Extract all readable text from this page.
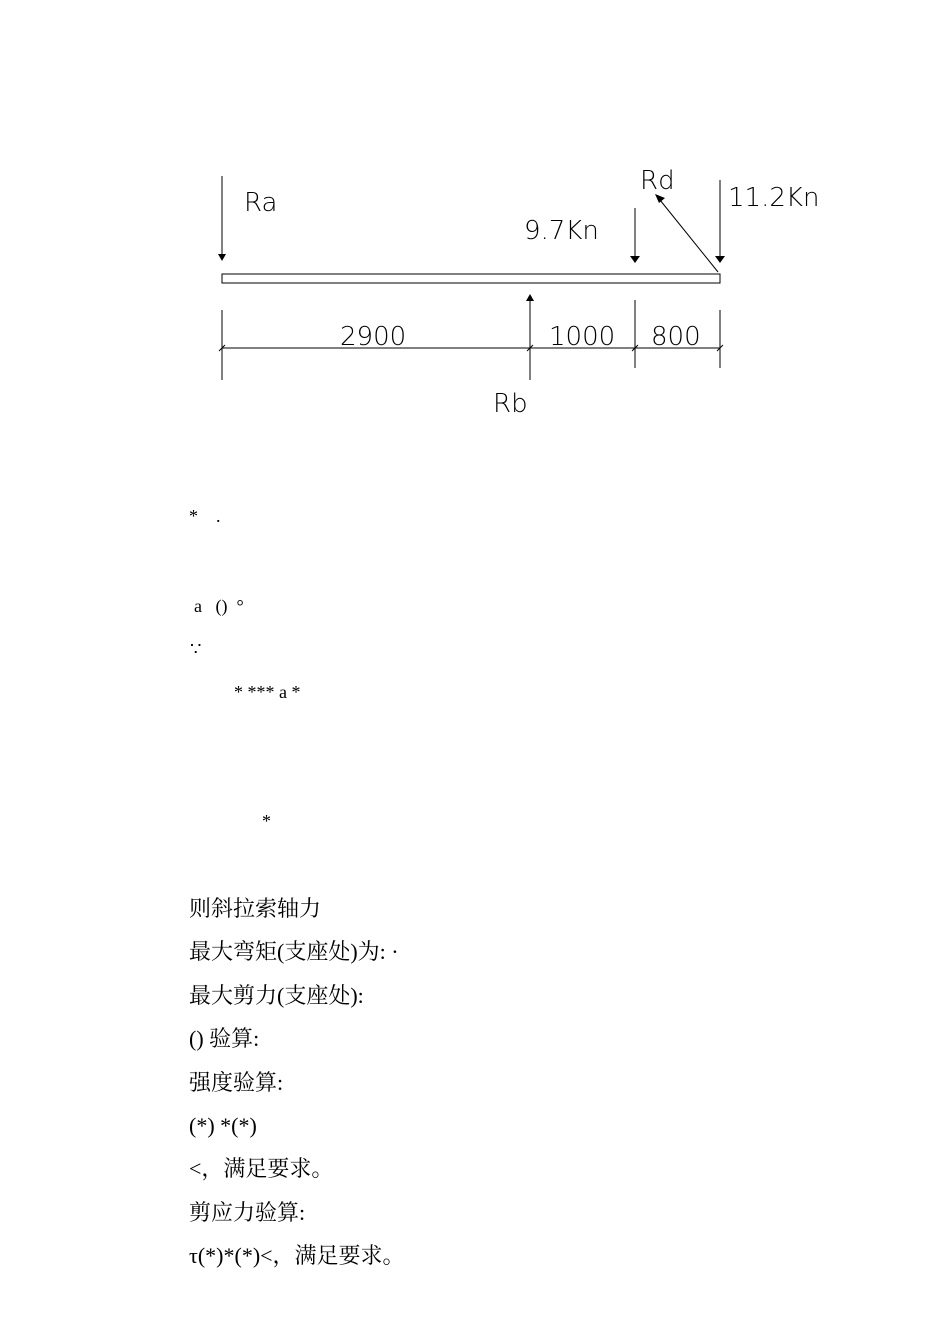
Ra
9.7Kn
11.2Kn
Rd
Rb
2900	1000 800
*    .
a   ()  °
∵
* *** a *
*
则斜拉索轴力
最大弯矩(支座处)为: ·
最大剪力(支座处):
() 验算:
强度验算:
(*) *(*)
<，满足要求。
剪应力验算:
τ(*)*(*)<，满足要求。
